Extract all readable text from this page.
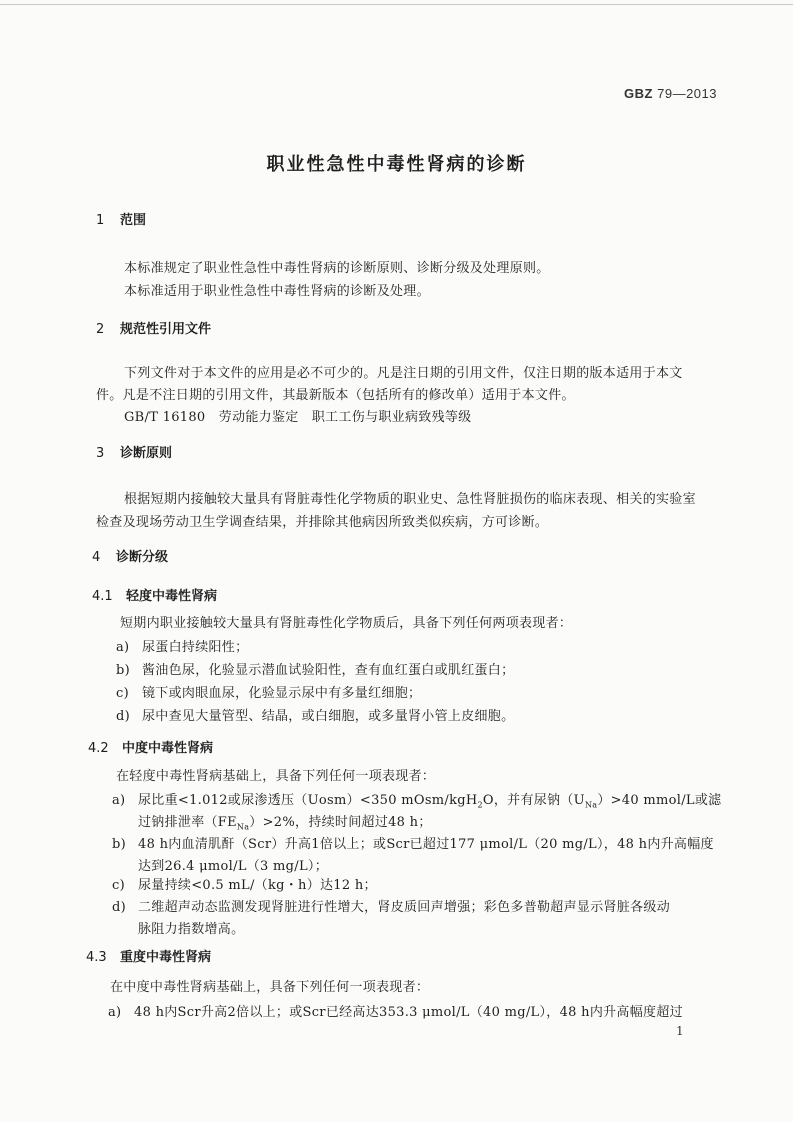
GBZ 79—2013
职业性急性中毒性肾病的诊断
1 范围
本标准规定了职业性急性中毒性肾病的诊断原则、诊断分级及处理原则。
本标准适用于职业性急性中毒性肾病的诊断及处理。
2 规范性引用文件
下列文件对于本文件的应用是必不可少的。凡是注日期的引用文件，仅注日期的版本适用于本文
件。凡是不注日期的引用文件，其最新版本（包括所有的修改单）适用于本文件。
GB/T 16180　劳动能力鉴定　职工工伤与职业病致残等级
3 诊断原则
根据短期内接触较大量具有肾脏毒性化学物质的职业史、急性肾脏损伤的临床表现、相关的实验室
检查及现场劳动卫生学调查结果，并排除其他病因所致类似疾病，方可诊断。
4 诊断分级
4.1 轻度中毒性肾病
短期内职业接触较大量具有肾脏毒性化学物质后，具备下列任何两项表现者：
a) 尿蛋白持续阳性；
b) 酱油色尿，化验显示潜血试验阳性，查有血红蛋白或肌红蛋白；
c) 镜下或肉眼血尿，化验显示尿中有多量红细胞；
d) 尿中查见大量管型、结晶，或白细胞，或多量肾小管上皮细胞。
4.2 中度中毒性肾病
在轻度中毒性肾病基础上，具备下列任何一项表现者：
a) 尿比重<1.012或尿渗透压（Uosm）<350 mOsm/kgH$_2$O，并有尿钠$(U_{Na})>40$ mmol/L或滤
过钠排泄率$(FE_{Na})>2\%$，持续时间超过48 h；
b) 48 h内血清肌酐（Scr）升高1倍以上；或Scr已超过177 μmol/L（20 mg/L），48 h内升高幅度
达到26.4 μmol/L（3 mg/L）；
c) 尿量持续<0.5 mL/（kg・h）达12 h；
d) 二维超声动态监测发现肾脏进行性增大，肾皮质回声增强；彩色多普勒超声显示肾脏各级动
脉阻力指数增高。
4.3 重度中毒性肾病
在中度中毒性肾病基础上，具备下列任何一项表现者：
a) 48 h内Scr升高2倍以上；或Scr已经高达353.3 μmol/L（40 mg/L），48 h内升高幅度超过
1
